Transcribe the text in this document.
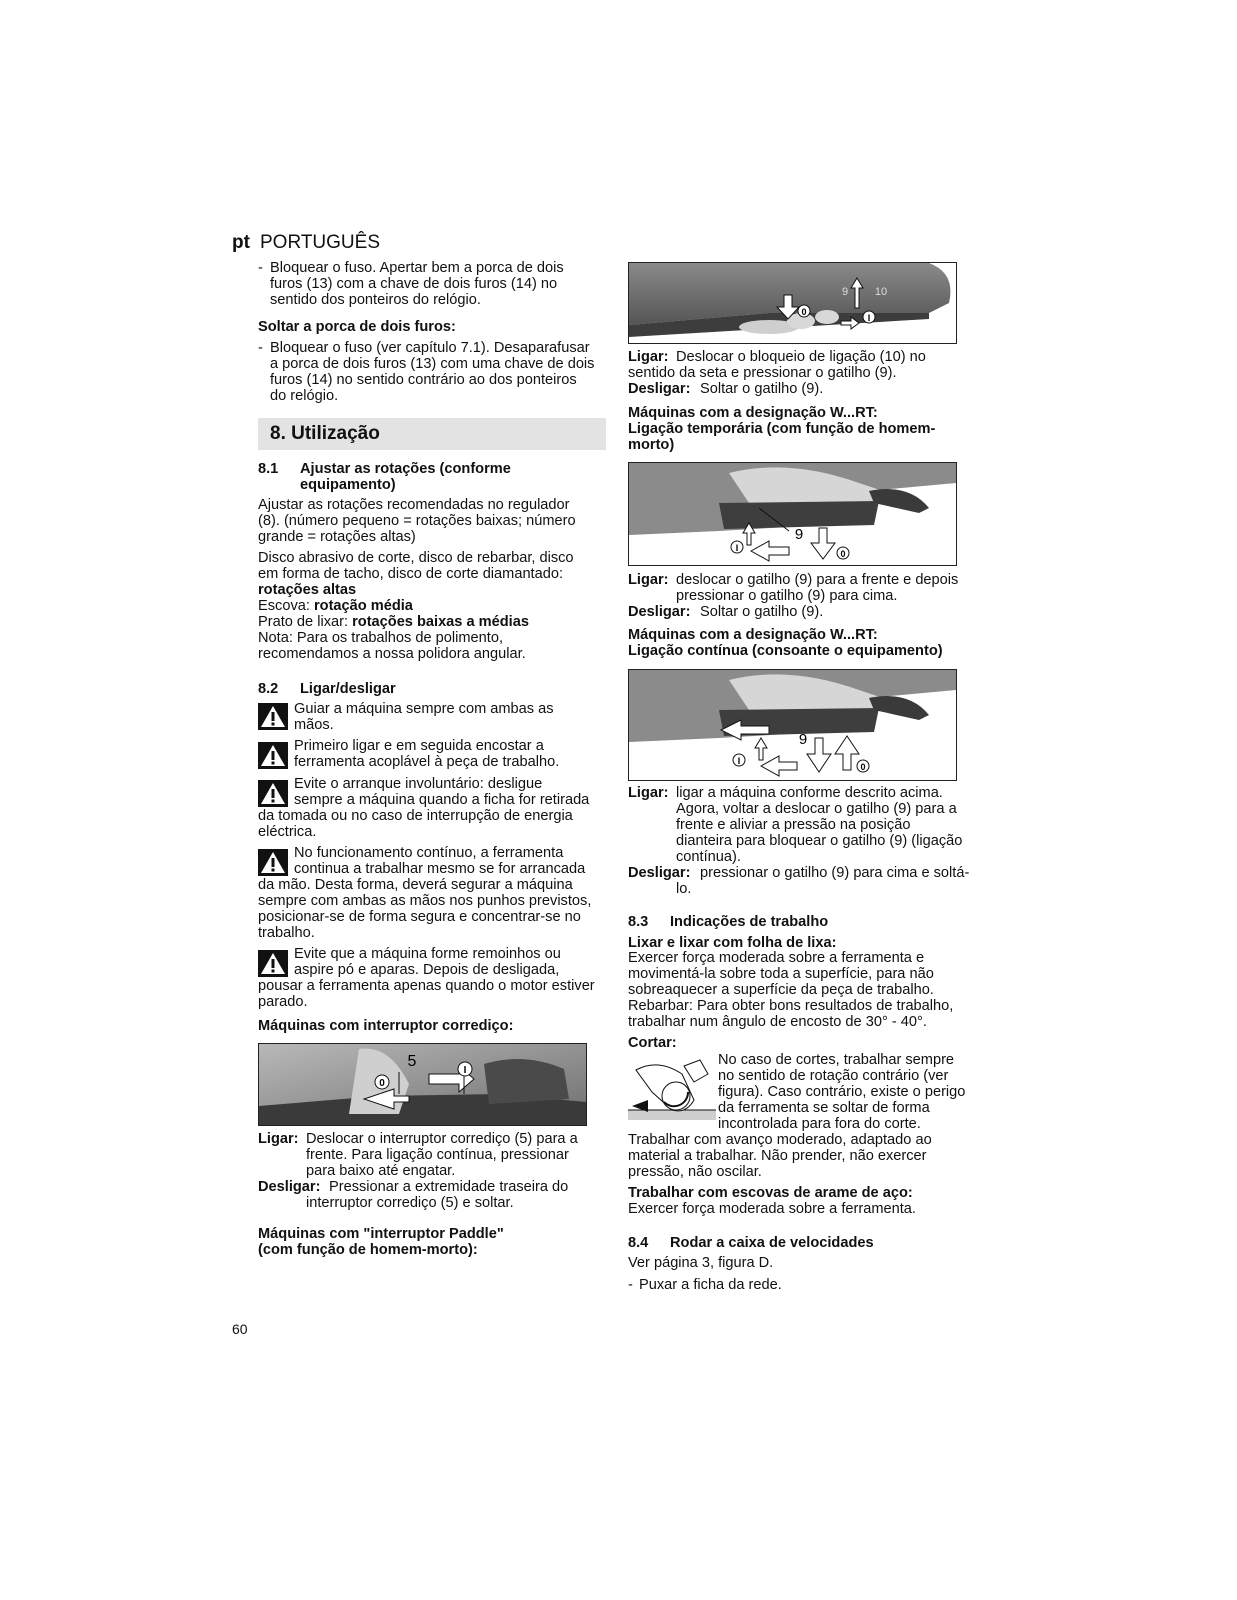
pt PORTUGUÊS
- Bloquear o fuso. Apertar bem a porca de dois
furos (13) com a chave de dois furos (14) no
sentido dos ponteiros do relógio.
Soltar a porca de dois furos:
- Bloquear o fuso (ver capítulo 7.1). Desaparafusar
a porca de dois furos (13) com uma chave de dois
furos (14) no sentido contrário ao dos ponteiros
do relógio.
8. Utilização
8.1 Ajustar as rotações (conforme
equipamento)
Ajustar as rotações recomendadas no regulador
(8). (número pequeno = rotações baixas; número
grande = rotações altas)
Disco abrasivo de corte, disco de rebarbar, disco
em forma de tacho, disco de corte diamantado:
rotações altas
Escova: rotação média
Prato de lixar: rotações baixas a médias
Nota: Para os trabalhos de polimento,
recomendamos a nossa polidora angular.
8.2 Ligar/desligar
Guiar a máquina sempre com ambas as
mãos.
Primeiro ligar e em seguida encostar a
ferramenta acoplável à peça de trabalho.
Evite o arranque involuntário: desligue
sempre a máquina quando a ficha for retirada
da tomada ou no caso de interrupção de energia
eléctrica.
No funcionamento contínuo, a ferramenta
continua a trabalhar mesmo se for arrancada
da mão. Desta forma, deverá segurar a máquina
sempre com ambas as mãos nos punhos previstos,
posicionar-se de forma segura e concentrar-se no
trabalho.
Evite que a máquina forme remoinhos ou
aspire pó e aparas. Depois de desligada,
pousar a ferramenta apenas quando o motor estiver
parado.
Máquinas com interruptor corrediço:
0
I
5
Ligar: Deslocar o interruptor corrediço (5) para a
frente. Para ligação contínua, pressionar
para baixo até engatar.
Desligar: Pressionar a extremidade traseira do
interruptor corrediço (5) e soltar.
Máquinas com "interruptor Paddle"
(com função de homem-morto):
0
I
9 10
Ligar: Deslocar o bloqueio de ligação (10) no
sentido da seta e pressionar o gatilho (9).
Desligar: Soltar o gatilho (9).
Máquinas com a designação W...RT:
Ligação temporária (com função de homem-
morto)
I
0
9
Ligar: deslocar o gatilho (9) para a frente e depois
pressionar o gatilho (9) para cima.
Desligar: Soltar o gatilho (9).
Máquinas com a designação W...RT:
Ligação contínua (consoante o equipamento)
I
0
9
Ligar: ligar a máquina conforme descrito acima.
Agora, voltar a deslocar o gatilho (9) para a
frente e aliviar a pressão na posição
dianteira para bloquear o gatilho (9) (ligação
contínua).
Desligar: pressionar o gatilho (9) para cima e soltá-
lo.
8.3 Indicações de trabalho
Lixar e lixar com folha de lixa:
Exercer força moderada sobre a ferramenta e
movimentá-la sobre toda a superfície, para não
sobreaquecer a superfície da peça de trabalho.
Rebarbar: Para obter bons resultados de trabalho,
trabalhar num ângulo de encosto de 30° - 40°.
Cortar:
No caso de cortes, trabalhar sempre
no sentido de rotação contrário (ver
figura). Caso contrário, existe o perigo
da ferramenta se soltar de forma
incontrolada para fora do corte.
Trabalhar com avanço moderado, adaptado ao
material a trabalhar. Não prender, não exercer
pressão, não oscilar.
Trabalhar com escovas de arame de aço:
Exercer força moderada sobre a ferramenta.
8.4 Rodar a caixa de velocidades
Ver página 3, figura D.
- Puxar a ficha da rede.
60
